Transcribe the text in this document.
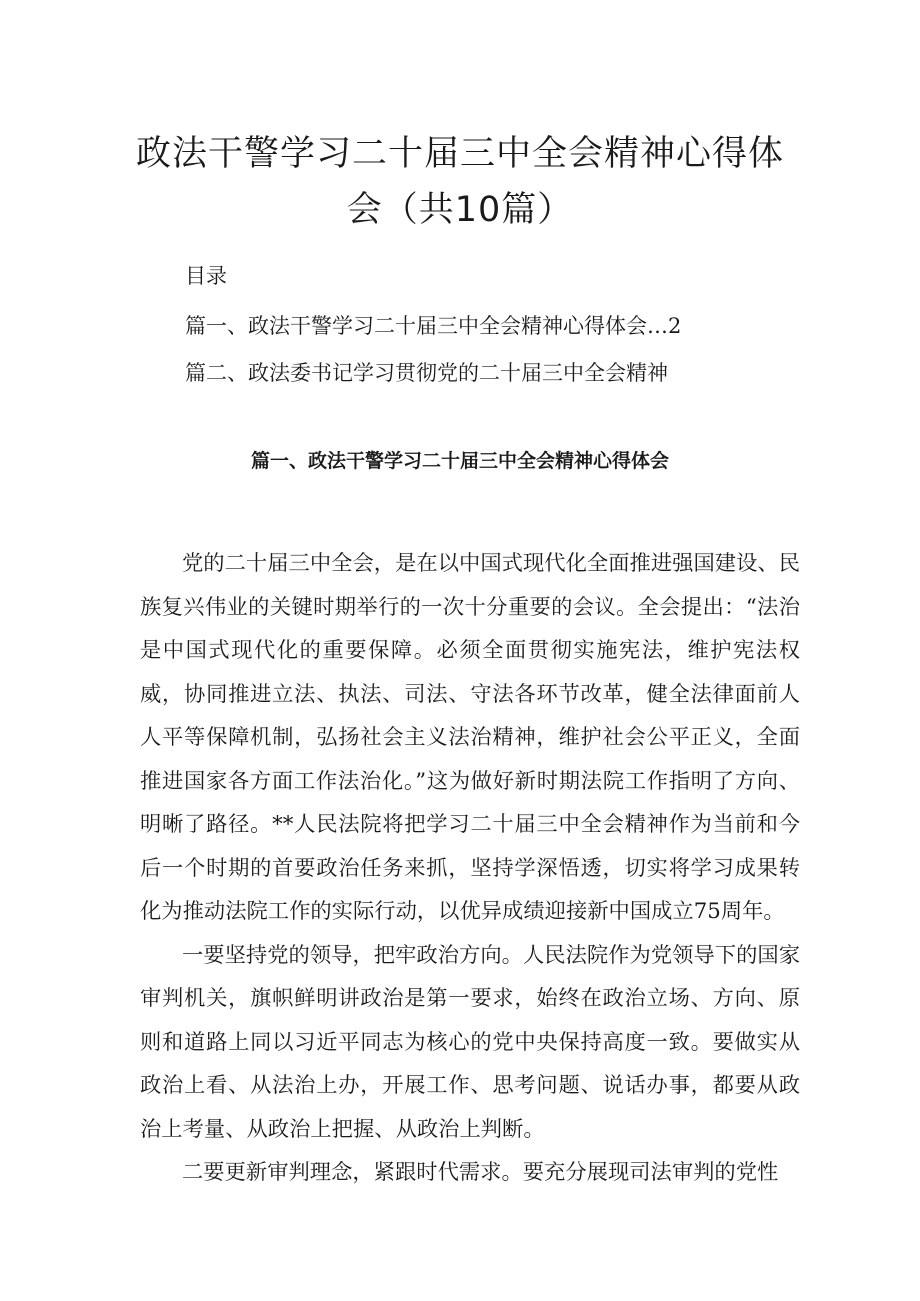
政法干警学习二十届三中全会精神心得体
会（共10篇）
目录
篇一、政法干警学习二十届三中全会精神心得体会…2
篇二、政法委书记学习贯彻党的二十届三中全会精神
篇一、政法干警学习二十届三中全会精神心得体会

党的二十届三中全会，是在以中国式现代化全面推进强国建设、民族复兴伟业的关键时期举行的一次十分重要的会议。全会提出：“法治是中国式现代化的重要保障。必须全面贯彻实施宪法，维护宪法权威，协同推进立法、执法、司法、守法各环节改革，健全法律面前人人平等保障机制，弘扬社会主义法治精神，维护社会公平正义，全面推进国家各方面工作法治化。”这为做好新时期法院工作指明了方向、明晰了路径。**人民法院将把学习二十届三中全会精神作为当前和今后一个时期的首要政治任务来抓，坚持学深悟透，切实将学习成果转化为推动法院工作的实际行动，以优异成绩迎接新中国成立75周年。

一要坚持党的领导，把牢政治方向。人民法院作为党领导下的国家审判机关，旗帜鲜明讲政治是第一要求，始终在政治立场、方向、原则和道路上同以习近平同志为核心的党中央保持高度一致。要做实从政治上看、从法治上办，开展工作、思考问题、说话办事，都要从政治上考量、从政治上把握、从政治上判断。

二要更新审判理念，紧跟时代需求。要充分展现司法审判的党性
